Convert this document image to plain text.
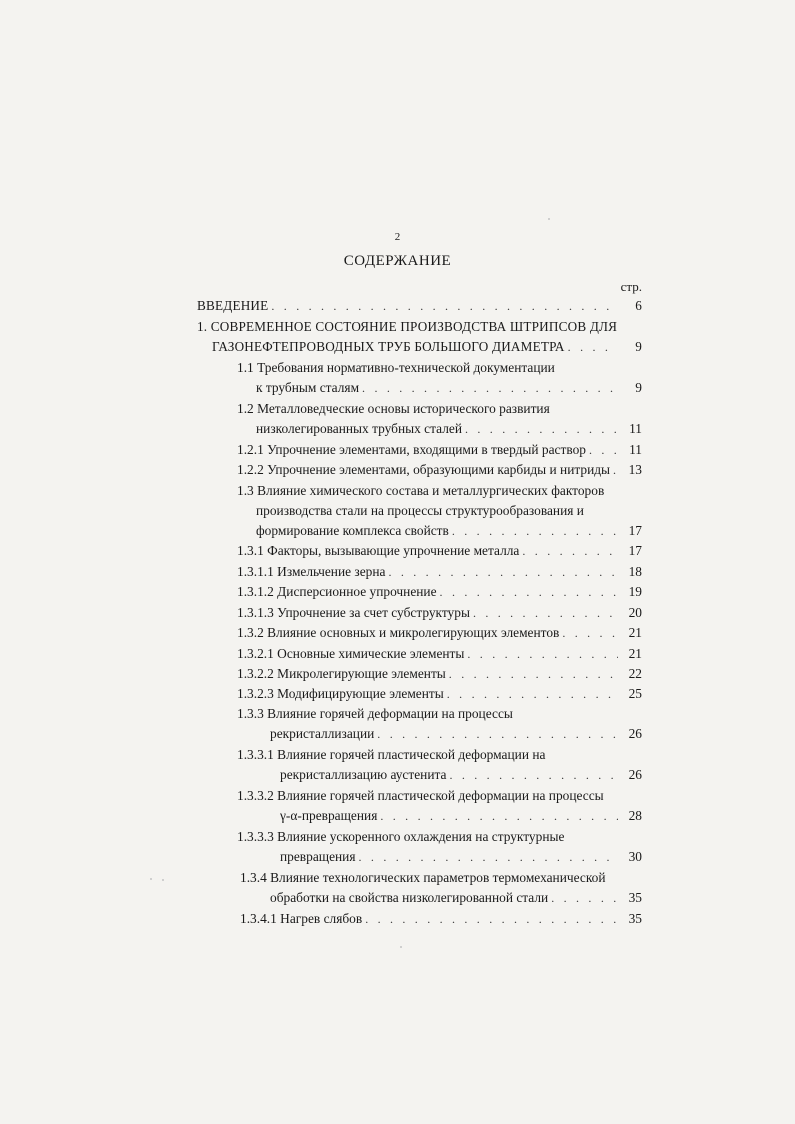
2
СОДЕРЖАНИЕ
стр.
ВВЕДЕНИЕ . . .	6
1. СОВРЕМЕННОЕ СОСТОЯНИЕ ПРОИЗВОДСТВА ШТРИПСОВ ДЛЯ
ГАЗОНЕФТЕПРОВОДНЫХ ТРУБ БОЛЬШОГО ДИАМЕТРА . . .	9
1.1 Требования нормативно-технической документации
к трубным сталям . . .	9
1.2 Металловедческие основы исторического развития
низколегированных трубных сталей . . .	11
1.2.1 Упрочнение элементами, входящими в твердый раствор . . .	11
1.2.2 Упрочнение элементами, образующими карбиды и нитриды . . .	13
1.3 Влияние химического состава и металлургических факторов
производства стали на процессы структурообразования и
формирование комплекса свойств . . .	17
1.3.1 Факторы, вызывающие упрочнение металла . . .	17
1.3.1.1 Измельчение зерна . . .	18
1.3.1.2 Дисперсионное упрочнение . . .	19
1.3.1.3 Упрочнение за счет субструктуры . . .	20
1.3.2 Влияние основных и микролегирующих элементов . . .	21
1.3.2.1 Основные химические элементы . . .	21
1.3.2.2 Микролегирующие элементы . . .	22
1.3.2.3 Модифицирующие элементы . . .	25
1.3.3 Влияние горячей деформации на процессы
рекристаллизации . . .	26
1.3.3.1 Влияние горячей пластической деформации на
рекристаллизацию аустенита . . .	26
1.3.3.2 Влияние горячей пластической деформации на процессы
γ-α-превращения . . .	28
1.3.3.3 Влияние ускоренного охлаждения на структурные
превращения . . .	30
1.3.4 Влияние технологических параметров термомеханической
обработки на свойства низколегированной стали . . .	35
1.3.4.1 Нагрев слябов . . .	35
